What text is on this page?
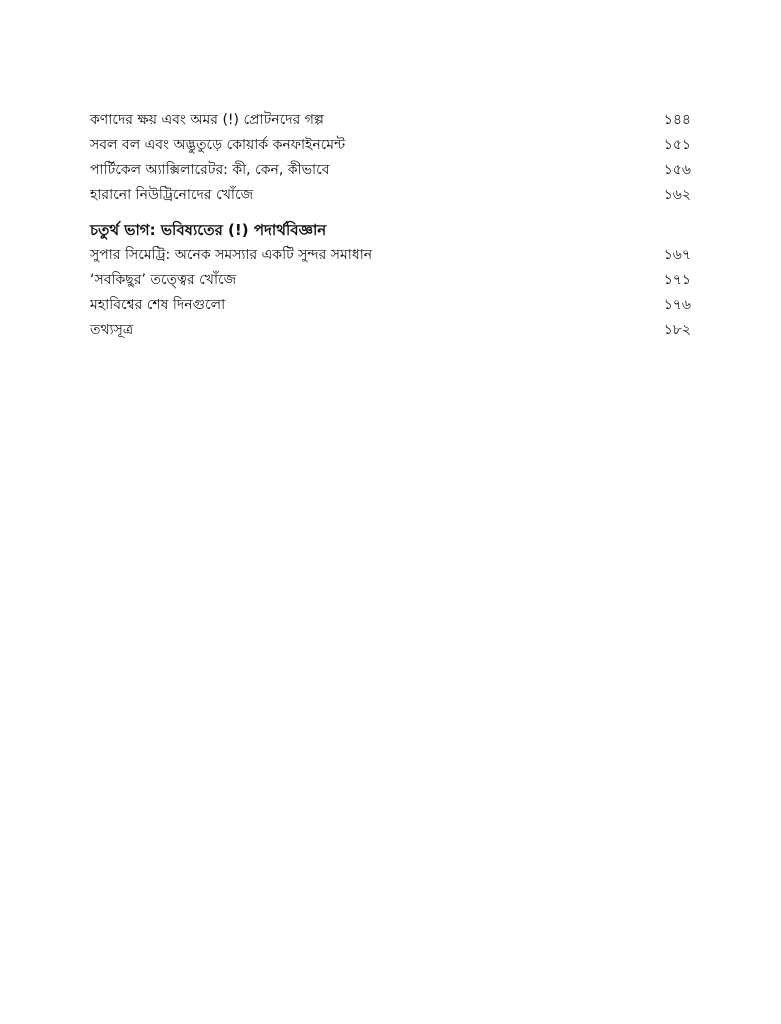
কণাদের ক্ষয় এবং অমর (!) প্রোটনদের গল্প	১৪৪
সবল বল এবং অদ্ভুতুড়ে কোয়ার্ক কনফাইনমেন্ট	১৫১
পার্টিকেল অ্যাক্সিলারেটর: কী, কেন, কীভাবে	১৫৬
হারানো নিউট্রিনোদের খোঁজে	১৬২
চতুর্থ ভাগ: ভবিষ্যতের (!) পদার্থবিজ্ঞান
সুপার সিমেট্রি: অনেক সমস্যার একটি সুন্দর সমাধান	১৬৭
‘সবকিছুর’ তত্ত্বের খোঁজে	১৭১
মহাবিশ্বের শেষ দিনগুলো	১৭৬
তথ্যসূত্র	১৮২
